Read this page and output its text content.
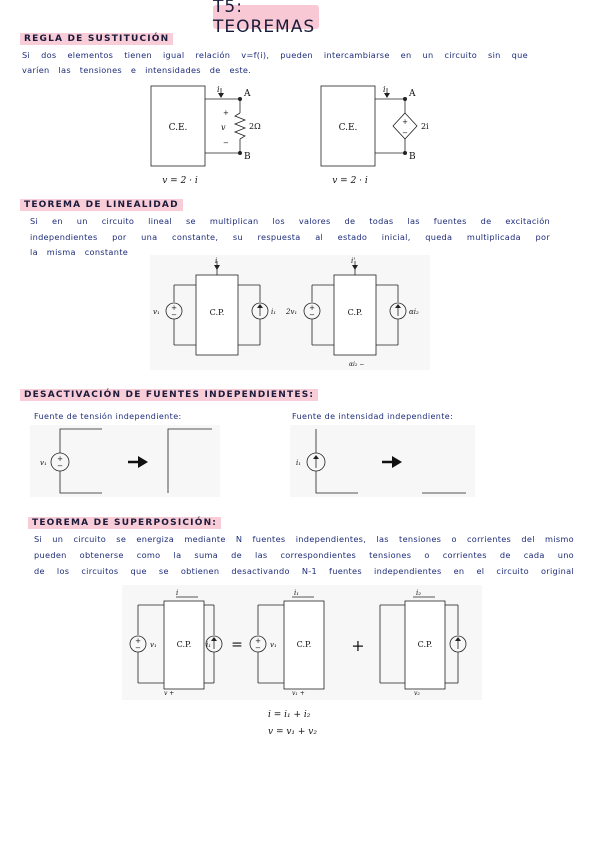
T5: TEOREMAS
REGLA DE SUSTITUCIÓN
Si dos elementos tienen igual relación v=f(i), pueden intercambiarse en un circuito sin que
varíen las tensiones e intensidades de este.
C.E.
i	A
B
+
v
−
2Ω
v = 2 · i
C.E.
+
−
i	A
B
2i
v = 2 · i
TEOREMA DE LINEALIDAD
Si en un circuito lineal se multiplican los valores de todas las fuentes de excitación
independientes por una constante, su respuesta al estado inicial, queda multiplicada por
la misma constante
+
−
v₁	C.P.
i
i₁	+
−
2v₁	C.P.
i'
αi₂
αi₂ −
DESACTIVACIÓN DE FUENTES INDEPENDIENTES:
Fuente de tensión independiente:	Fuente de intensidad independiente:
+
−
v₁	i₁
TEOREMA DE SUPERPOSICIÓN:
Si un circuito se energiza mediante N fuentes independientes, las tensiones o corrientes del mismo
pueden obtenerse como la suma de las correspondientes tensiones o corrientes de cada uno
de los circuitos que se obtienen desactivando N-1 fuentes independientes en el circuito original
+
− v₁ C.P.
i
i₁
v +
= +
− v₁ C.P.
i₁
v₁ +
+	C.P.
i₂
v₂
i = i₁ + i₂
v = v₁ + v₂
